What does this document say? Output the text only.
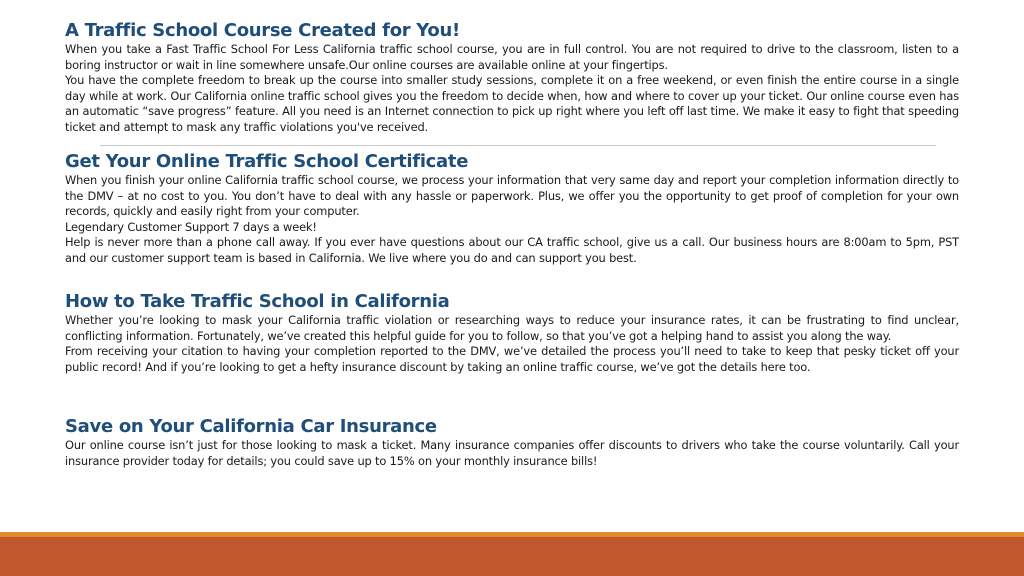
A Traffic School Course Created for You!

When you take a Fast Traffic School For Less California traffic school course, you are in full control. You are not required to drive to the classroom, listen to a boring instructor or wait in line somewhere unsafe.Our online courses are available online at your fingertips.

You have the complete freedom to break up the course into smaller study sessions, complete it on a free weekend, or even finish the entire course in a single day while at work. Our California online traffic school gives you the freedom to decide when, how and where to cover up your ticket. Our online course even has an automatic “save progress” feature. All you need is an Internet connection to pick up right where you left off last time. We make it easy to fight that speeding ticket and attempt to mask any traffic violations you've received.

Get Your Online Traffic School Certificate

When you finish your online California traffic school course, we process your information that very same day and report your completion information directly to the DMV – at no cost to you. You don’t have to deal with any hassle or paperwork. Plus, we offer you the opportunity to get proof of completion for your own records, quickly and easily right from your computer.

Legendary Customer Support 7 days a week!

Help is never more than a phone call away. If you ever have questions about our CA traffic school, give us a call. Our business hours are 8:00am to 5pm, PST and our customer support team is based in California. We live where you do and can support you best.

How to Take Traffic School in California

Whether you’re looking to mask your California traffic violation or researching ways to reduce your insurance rates, it can be frustrating to find unclear, conflicting information. Fortunately, we’ve created this helpful guide for you to follow, so that you’ve got a helping hand to assist you along the way.

From receiving your citation to having your completion reported to the DMV, we’ve detailed the process you’ll need to take to keep that pesky ticket off your public record! And if you’re looking to get a hefty insurance discount by taking an online traffic course, we’ve got the details here too.

Save on Your California Car Insurance

Our online course isn’t just for those looking to mask a ticket. Many insurance companies offer discounts to drivers who take the course voluntarily. Call your insurance provider today for details; you could save up to 15% on your monthly insurance bills!
